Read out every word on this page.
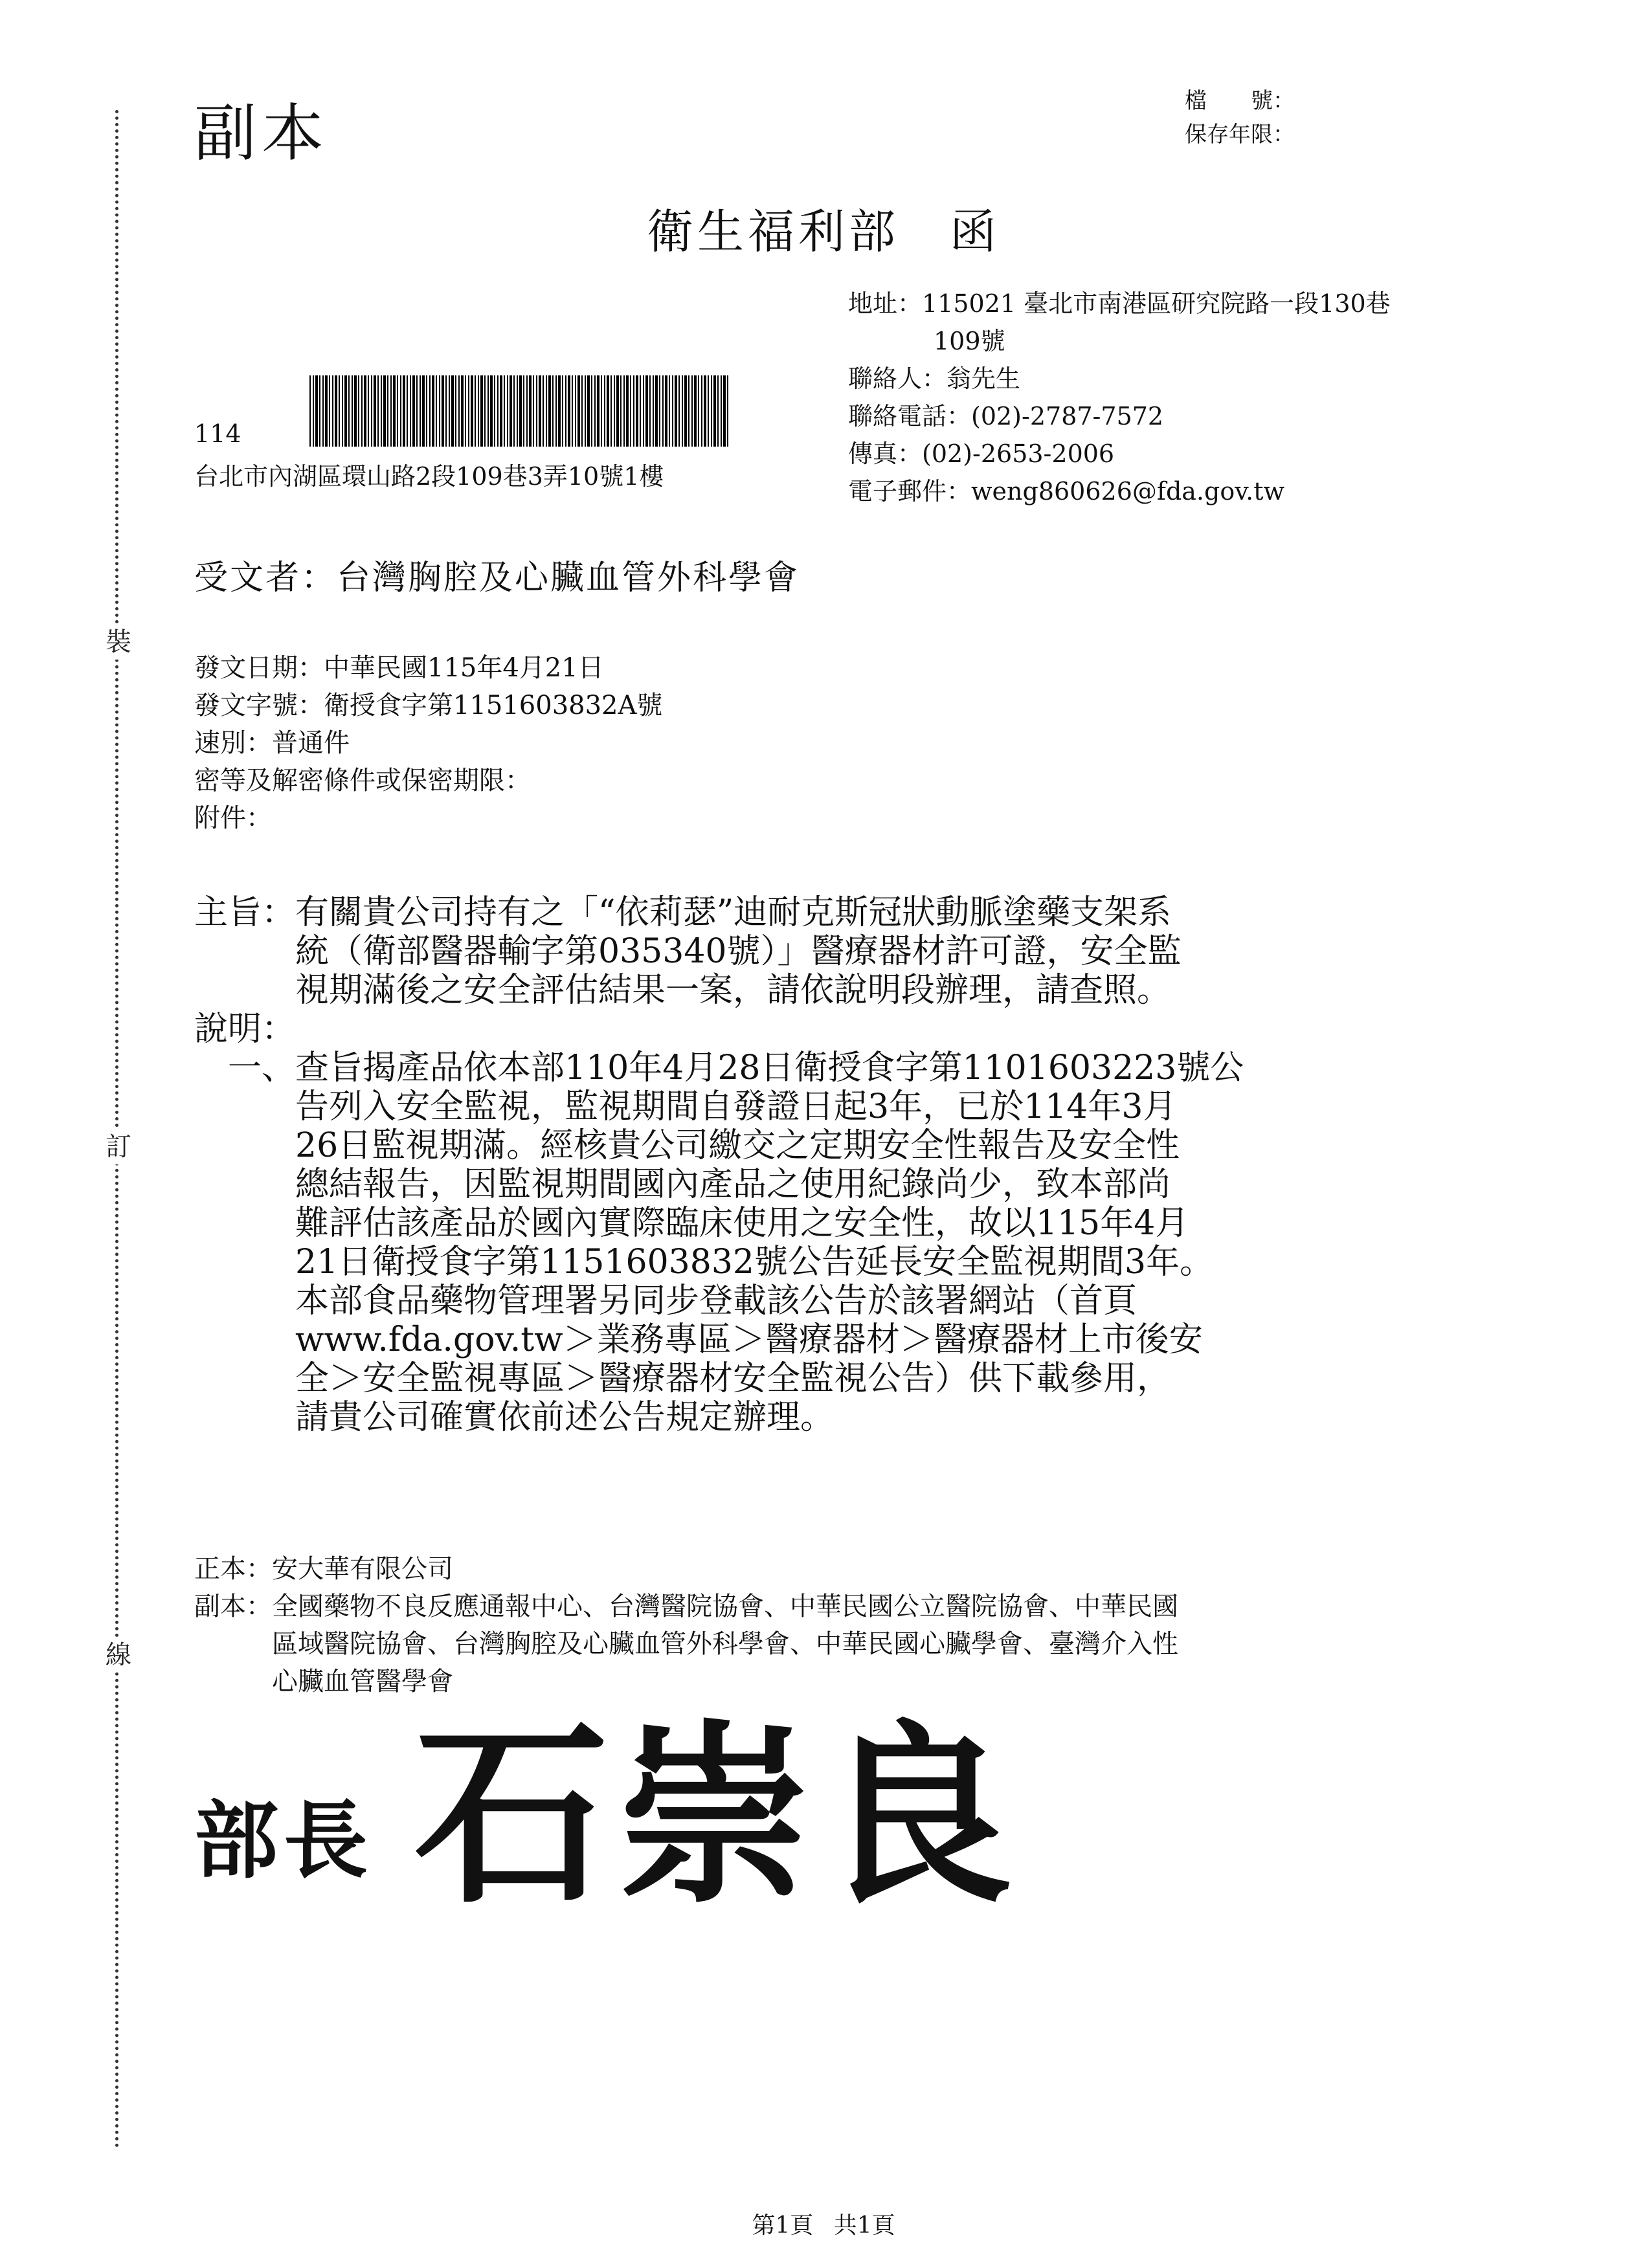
裝
訂
線
副本	檔　　號：
保存年限：
衛生福利部　函
地址：115021 臺北市南港區研究院路一段130巷
109號
聯絡人：翁先生
聯絡電話：(02)-2787-7572
傳真：(02)-2653-2006
電子郵件：weng860626@fda.gov.tw
114
台北市內湖區環山路2段109巷3弄10號1樓
受文者：台灣胸腔及心臟血管外科學會
發文日期：中華民國115年4月21日
發文字號：衛授食字第1151603832A號
速別：普通件
密等及解密條件或保密期限：
附件：
主旨：有關貴公司持有之「“依莉瑟”迪耐克斯冠狀動脈塗藥支架系
　　　統（衛部醫器輸字第035340號）」醫療器材許可證，安全監
　　　視期滿後之安全評估結果一案，請依說明段辦理，請查照。
說明：
　一、查旨揭產品依本部110年4月28日衛授食字第1101603223號公
　　　告列入安全監視，監視期間自發證日起3年，已於114年3月
　　　26日監視期滿。經核貴公司繳交之定期安全性報告及安全性
　　　總結報告，因監視期間國內產品之使用紀錄尚少，致本部尚
　　　難評估該產品於國內實際臨床使用之安全性，故以115年4月
　　　21日衛授食字第1151603832號公告延長安全監視期間3年。
　　　本部食品藥物管理署另同步登載該公告於該署網站（首頁
　　　www.fda.gov.tw＞業務專區＞醫療器材＞醫療器材上市後安
　　　全＞安全監視專區＞醫療器材安全監視公告）供下載參用，
　　　請貴公司確實依前述公告規定辦理。
正本：安大華有限公司
副本：全國藥物不良反應通報中心、台灣醫院協會、中華民國公立醫院協會、中華民國
　　　區域醫院協會、台灣胸腔及心臟血管外科學會、中華民國心臟學會、臺灣介入性
　　　心臟血管醫學會
部長 石崇良
第1頁 共1頁
